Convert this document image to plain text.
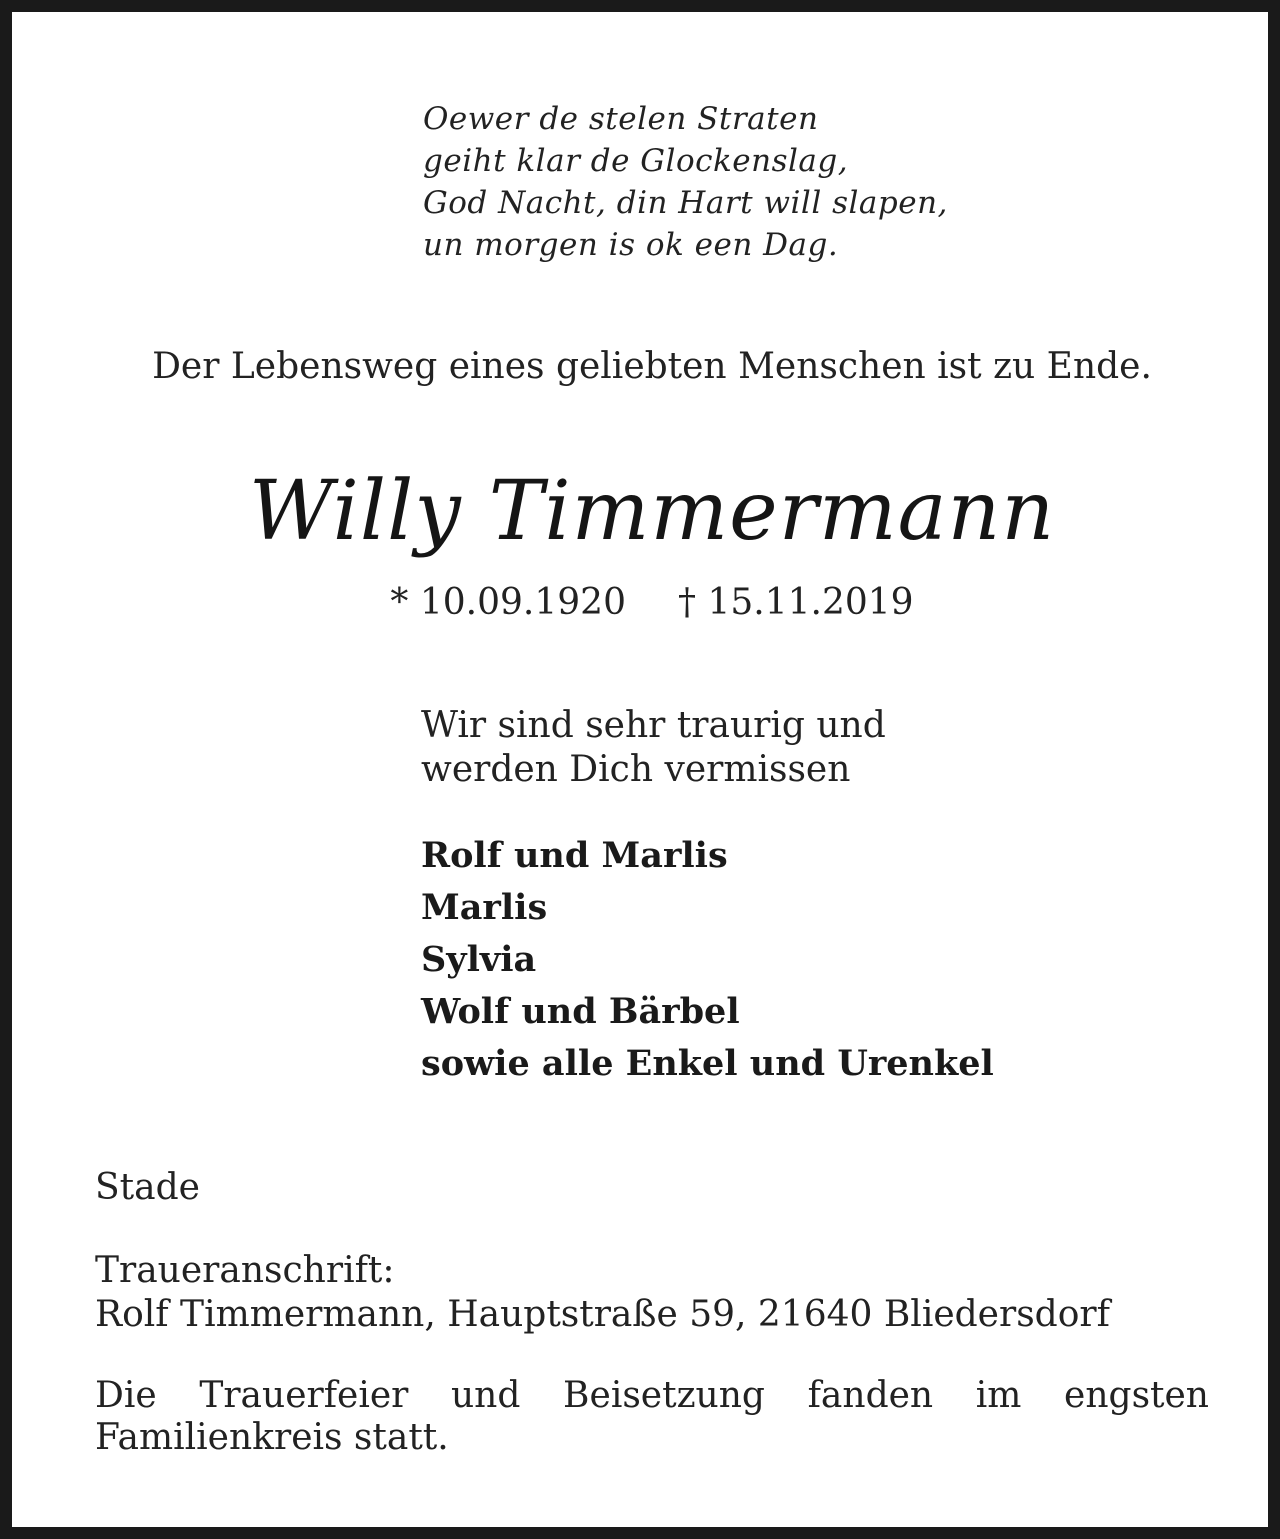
Oewer de stelen Straten
geiht klar de Glockenslag,
God Nacht, din Hart will slapen,
un morgen is ok een Dag.
Der Lebensweg eines geliebten Menschen ist zu Ende.
Willy Timmermann
* 10.09.1920 † 15.11.2019
Wir sind sehr traurig und
werden Dich vermissen
Rolf und Marlis
Marlis
Sylvia
Wolf und Bärbel
sowie alle Enkel und Urenkel
Stade
Traueranschrift:
Rolf Timmermann, Hauptstraße 59, 21640 Bliedersdorf
Die Trauerfeier und Beisetzung fanden im engsten Familienkreis statt.
